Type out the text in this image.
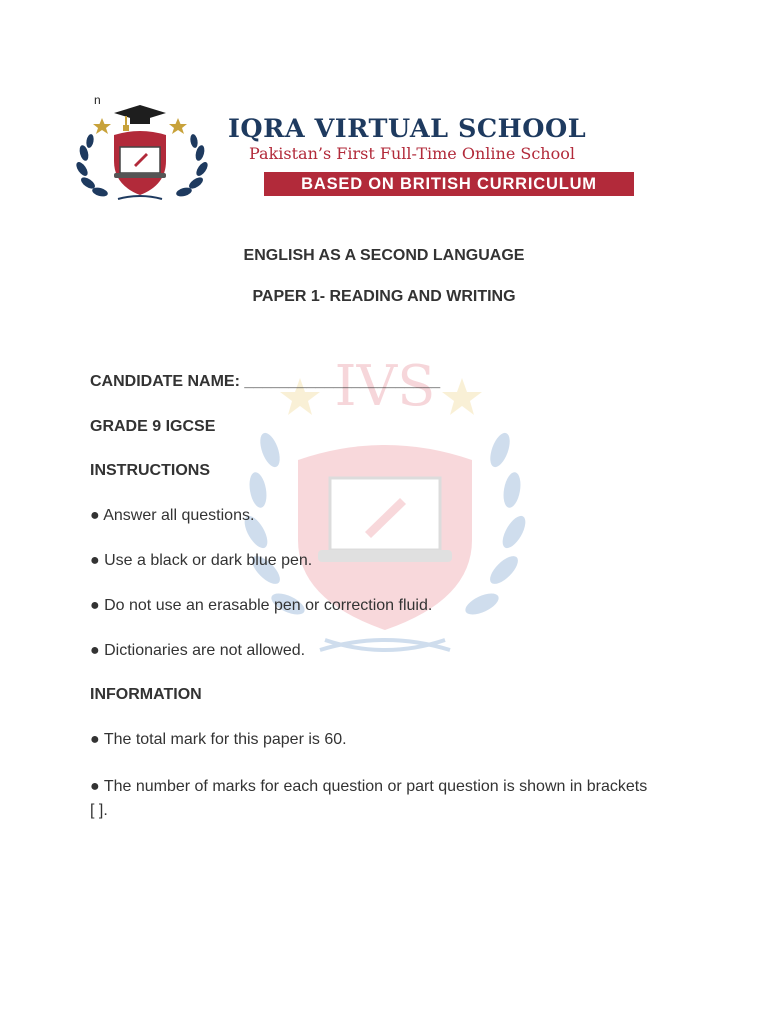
n
IQRA VIRTUAL SCHOOL
Pakistan’s First Full-Time Online School
BASED ON BRITISH CURRICULUM
IVS
ENGLISH AS A SECOND LANGUAGE
PAPER 1- READING AND WRITING
CANDIDATE NAME: ______________________
GRADE 9 IGCSE
INSTRUCTIONS
● Answer all questions.
● Use a black or dark blue pen.
● Do not use an erasable pen or correction fluid.
● Dictionaries are not allowed.
INFORMATION
● The total mark for this paper is 60.
● The number of marks for each question or part question is shown in brackets [ ].
